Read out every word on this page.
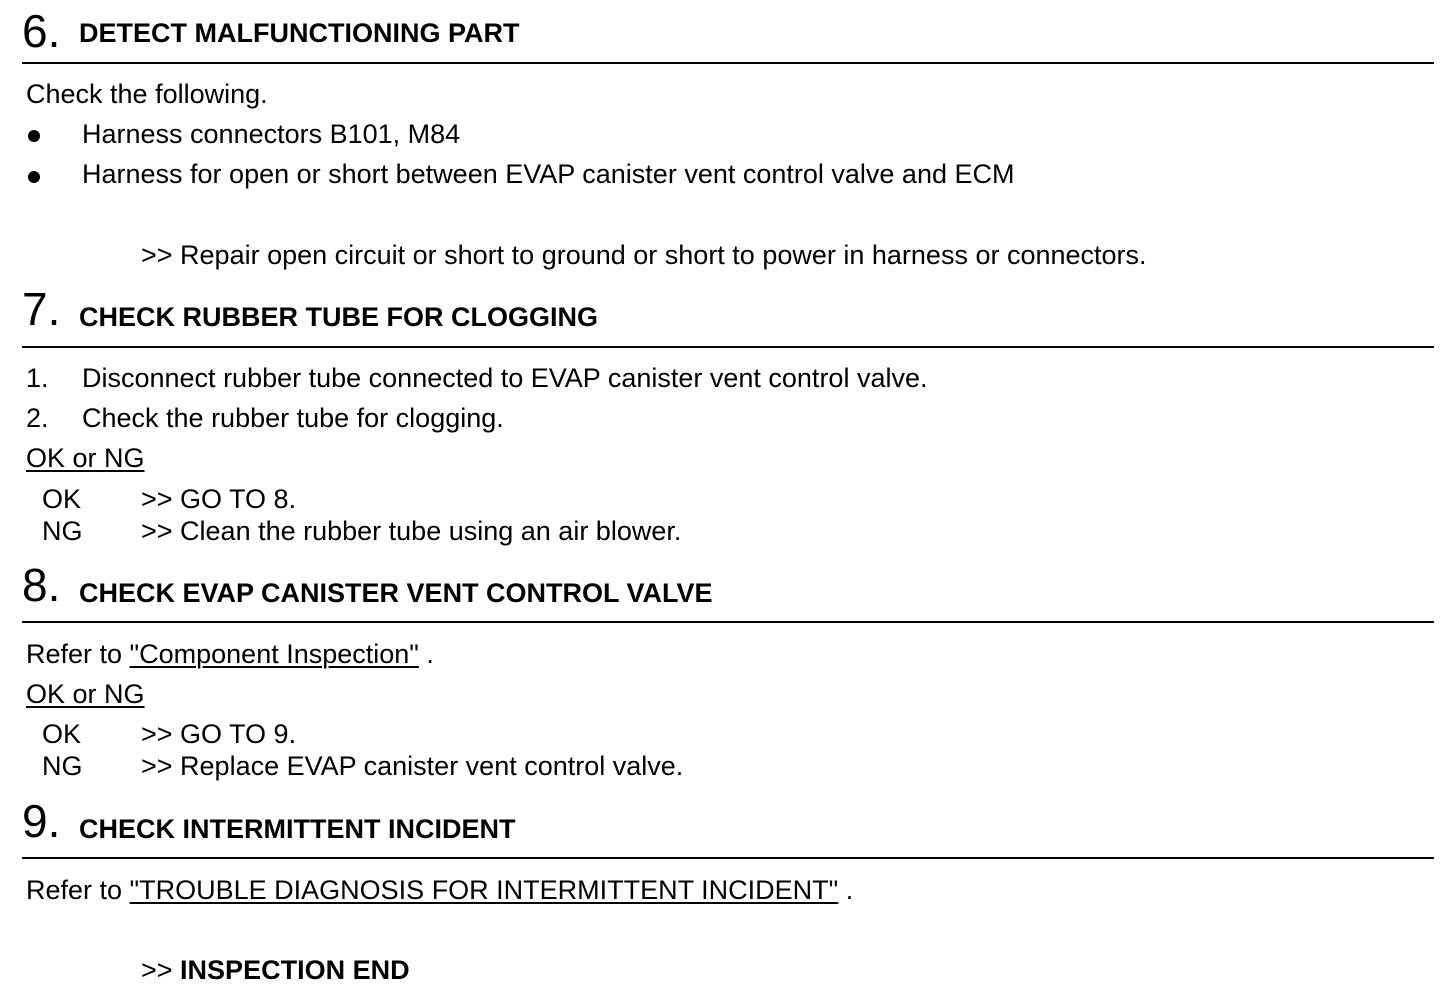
6. DETECT MALFUNCTIONING PART
Check the following.
Harness connectors B101, M84
Harness for open or short between EVAP canister vent control valve and ECM
>> Repair open circuit or short to ground or short to power in harness or connectors.
7. CHECK RUBBER TUBE FOR CLOGGING
1. Disconnect rubber tube connected to EVAP canister vent control valve.
2. Check the rubber tube for clogging.
OK or NG
OK >> GO TO 8.
NG >> Clean the rubber tube using an air blower.
8. CHECK EVAP CANISTER VENT CONTROL VALVE
Refer to "Component Inspection" .
OK or NG
OK >> GO TO 9.
NG >> Replace EVAP canister vent control valve.
9. CHECK INTERMITTENT INCIDENT
Refer to "TROUBLE DIAGNOSIS FOR INTERMITTENT INCIDENT" .
>> INSPECTION END
